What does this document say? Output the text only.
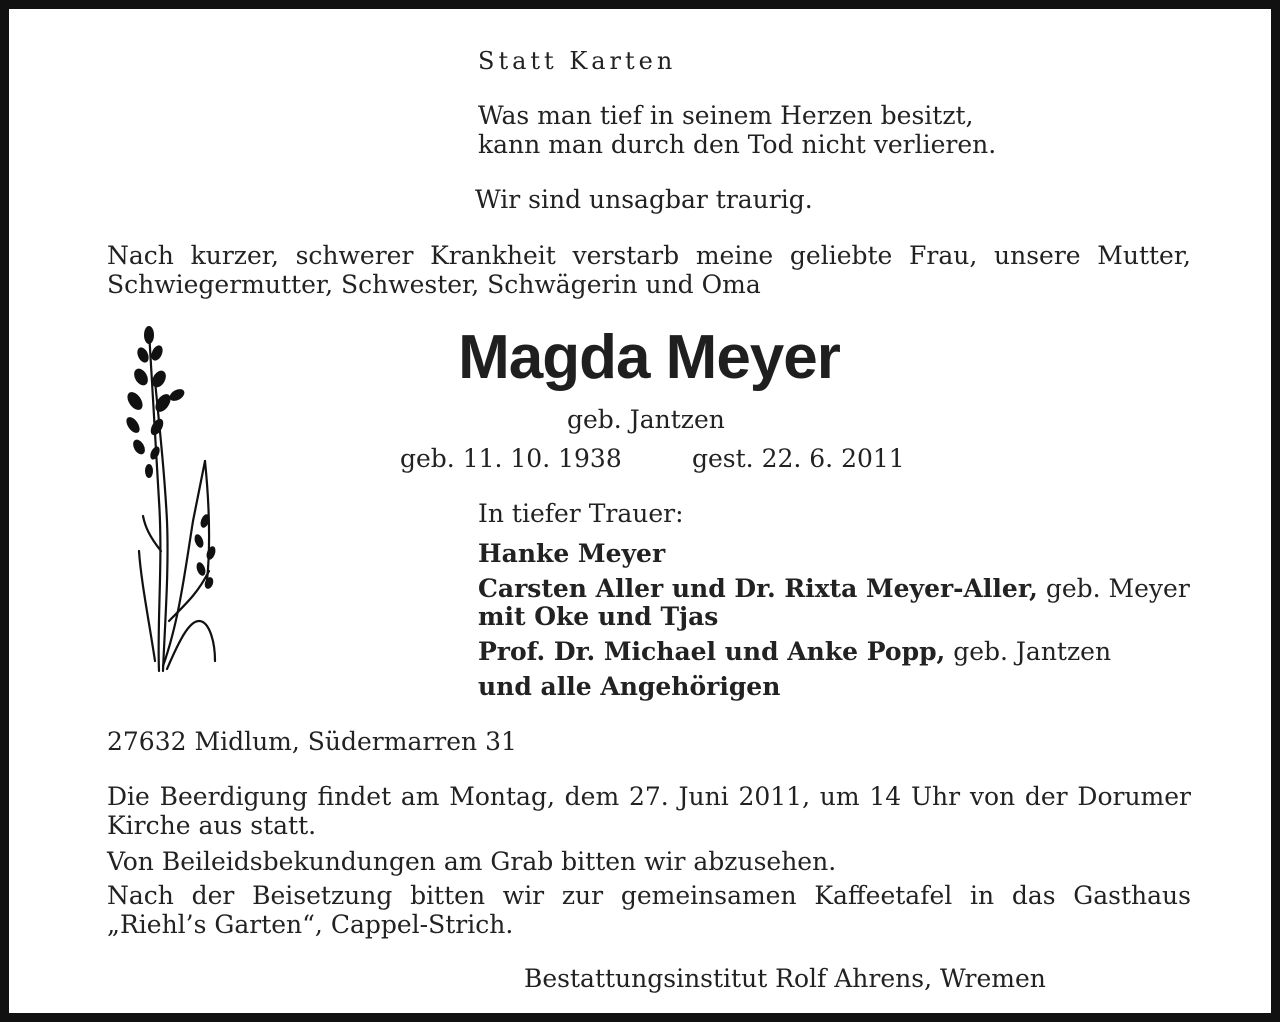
Statt Karten
Was man tief in seinem Herzen besitzt,
kann man durch den Tod nicht verlieren.
Wir sind unsagbar traurig.
Nach kurzer, schwerer Krankheit verstarb meine geliebte Frau, unsere Mutter, Schwiegermutter, Schwester, Schwägerin und Oma
Magda Meyer
geb. Jantzen
geb. 11. 10. 1938	gest. 22. 6. 2011
In tiefer Trauer:
Hanke Meyer
Carsten Aller und Dr. Rixta Meyer-Aller, geb. Meyer
mit Oke und Tjas
Prof. Dr. Michael und Anke Popp, geb. Jantzen
und alle Angehörigen
27632 Midlum, Südermarren 31
Die Beerdigung findet am Montag, dem 27. Juni 2011, um 14 Uhr von der Dorumer Kirche aus statt.
Von Beileidsbekundungen am Grab bitten wir abzusehen.
Nach der Beisetzung bitten wir zur gemeinsamen Kaffeetafel in das Gasthaus „Riehl’s Garten“, Cappel-Strich.
Bestattungsinstitut Rolf Ahrens, Wremen
